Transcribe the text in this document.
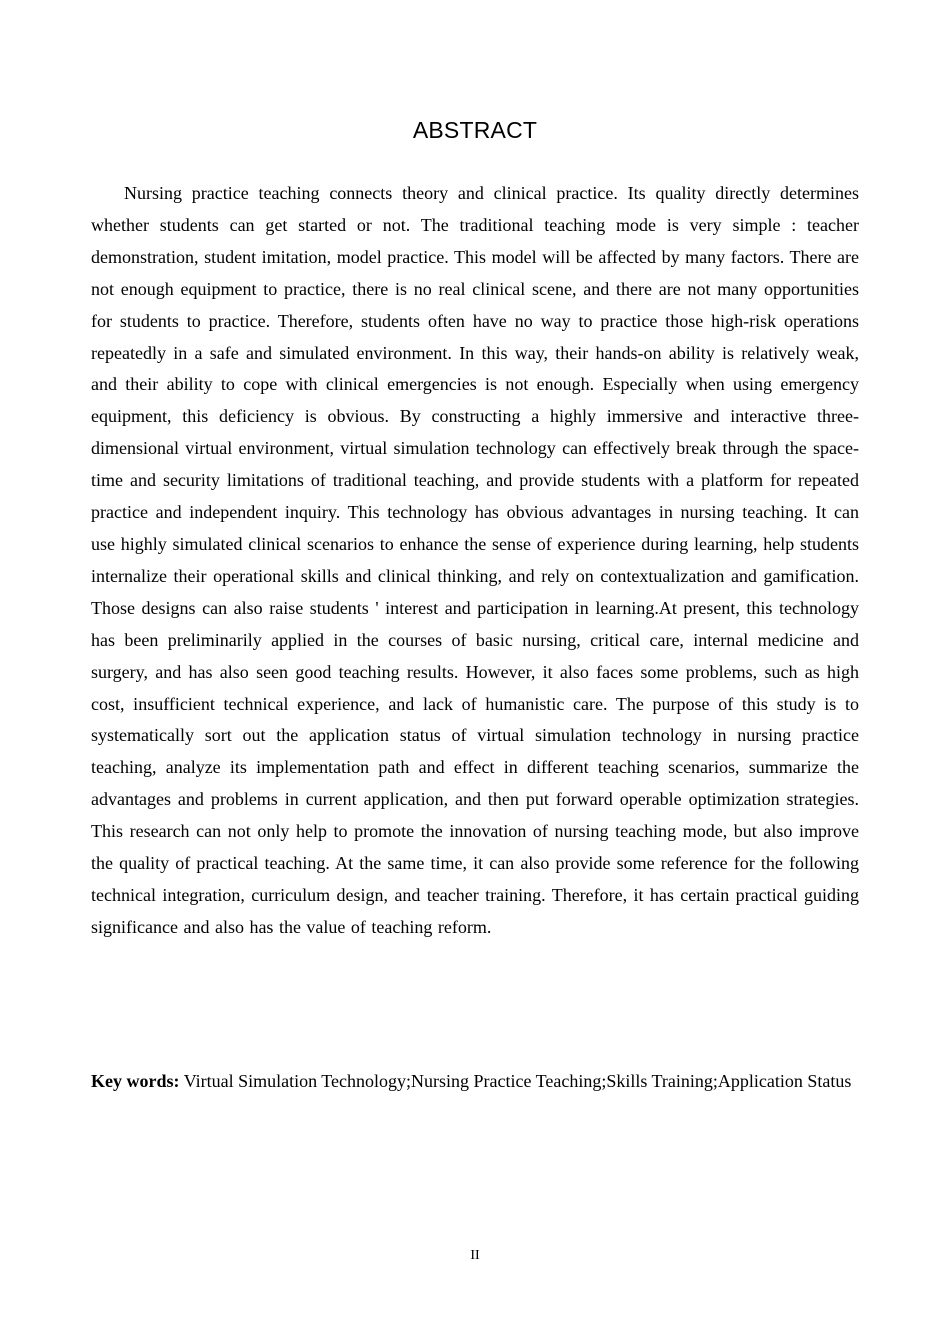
ABSTRACT

Nursing practice teaching connects theory and clinical practice. Its quality directly determines whether students can get started or not. The traditional teaching mode is very simple : teacher demonstration, student imitation, model practice. This model will be affected by many factors. There are not enough equipment to practice, there is no real clinical scene, and there are not many opportunities for students to practice. Therefore, students often have no way to practice those high-risk operations repeatedly in a safe and simulated environment. In this way, their hands-on ability is relatively weak, and their ability to cope with clinical emergencies is not enough. Especially when using emergency equipment, this deficiency is obvious. By constructing a highly immersive and interactive three-dimensional virtual environment, virtual simulation technology can effectively break through the space-time and security limitations of traditional teaching, and provide students with a platform for repeated practice and independent inquiry. This technology has obvious advantages in nursing teaching. It can use highly simulated clinical scenarios to enhance the sense of experience during learning, help students internalize their operational skills and clinical thinking, and rely on contextualization and gamification. Those designs can also raise students ' interest and participation in learning.At present, this technology has been preliminarily applied in the courses of basic nursing, critical care, internal medicine and surgery, and has also seen good teaching results. However, it also faces some problems, such as high cost, insufficient technical experience, and lack of humanistic care. The purpose of this study is to systematically sort out the application status of virtual simulation technology in nursing practice teaching, analyze its implementation path and effect in different teaching scenarios, summarize the advantages and problems in current application, and then put forward operable optimization strategies. This research can not only help to promote the innovation of nursing teaching mode, but also improve the quality of practical teaching. At the same time, it can also provide some reference for the following technical integration, curriculum design, and teacher training. Therefore, it has certain practical guiding significance and also has the value of teaching reform.

Key words: Virtual Simulation Technology;Nursing Practice Teaching;Skills Training;Application Status

II
